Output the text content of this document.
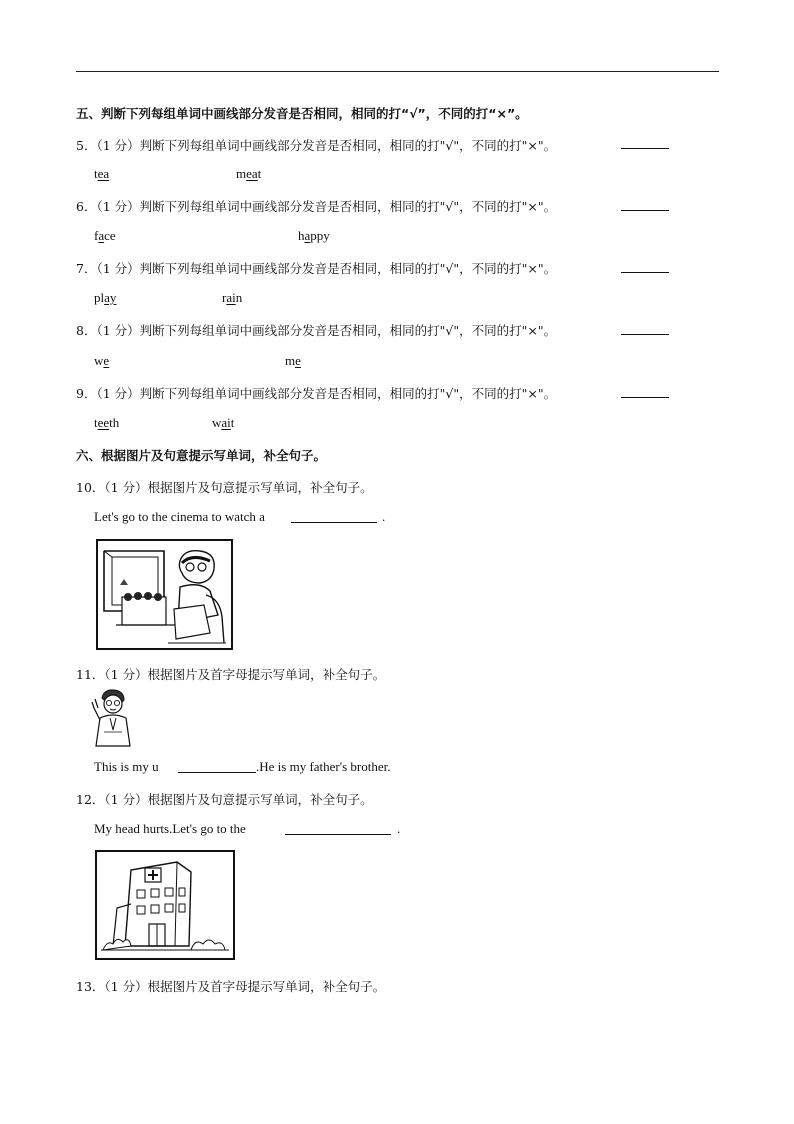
五、判断下列每组单词中画线部分发音是否相同，相同的打“√”，不同的打“×”。
5．（1 分）判断下列每组单词中画线部分发音是否相同，相同的打"√"，不同的打"×"。
tea	meat
6．（1 分）判断下列每组单词中画线部分发音是否相同，相同的打"√"，不同的打"×"。
face	happy
7．（1 分）判断下列每组单词中画线部分发音是否相同，相同的打"√"，不同的打"×"。
play	rain
8．（1 分）判断下列每组单词中画线部分发音是否相同，相同的打"√"，不同的打"×"。
we	me
9．（1 分）判断下列每组单词中画线部分发音是否相同，相同的打"√"，不同的打"×"。
teeth	wait
六、根据图片及句意提示写单词，补全句子。
10．（1 分）根据图片及句意提示写单词，补全句子。
Let's go to the cinema to watch a	.
11．（1 分）根据图片及首字母提示写单词，补全句子。
This is my u	.He is my father's brother.
12．（1 分）根据图片及句意提示写单词，补全句子。
My head hurts.Let's go to the	.
13．（1 分）根据图片及首字母提示写单词，补全句子。
